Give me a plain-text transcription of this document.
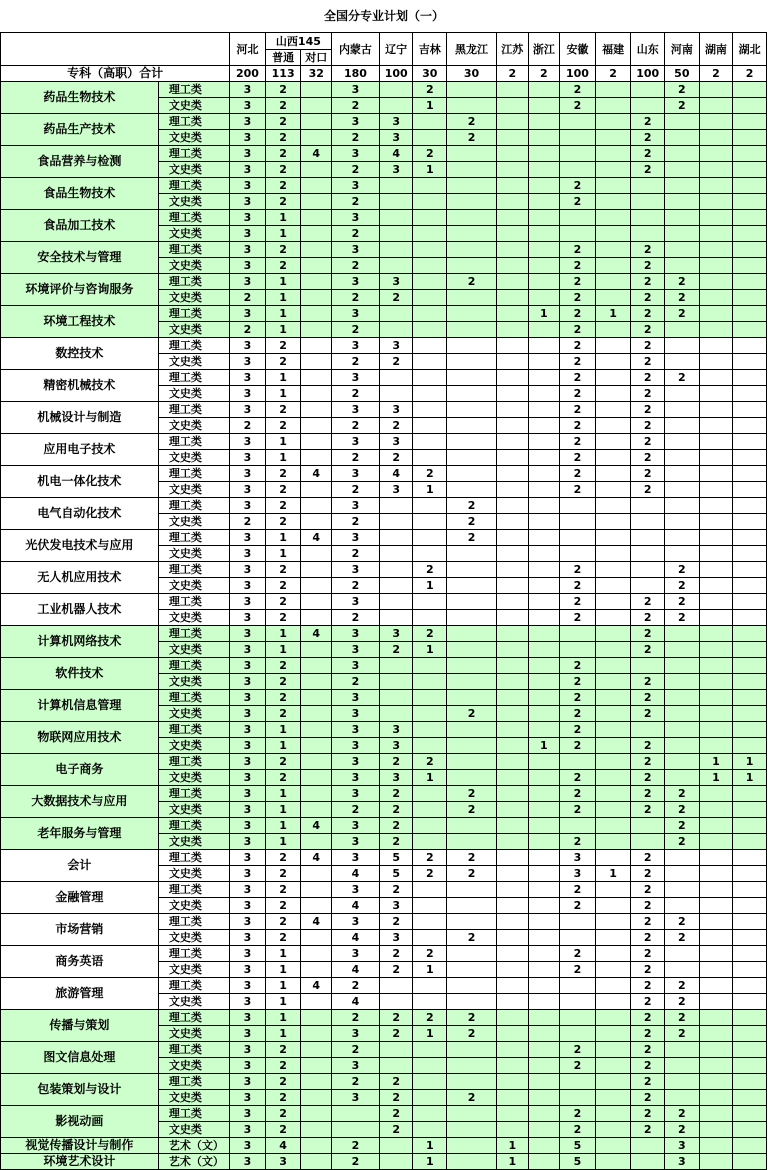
全国分专业计划（一）
		河北	山西145		内蒙古	辽宁	吉林	黑龙江	江苏	浙江	安徽	福建	山东	河南	湖南	湖北
			普通	对口												
专科（高职）合计		200	113	32	180	100	30	30	2	2	100	2	100	50	2	2
药品生物技术	理工类	3	2		3		2				2			2		
	文史类	3	2		2		1				2			2		
药品生产技术	理工类	3	2		3	3		2					2			
	文史类	3	2		2	3		2					2			
食品营养与检测	理工类	3	2	4	3	4	2						2			
	文史类	3	2		2	3	1						2			
食品生物技术	理工类	3	2		3						2					
	文史类	3	2		2						2					
食品加工技术	理工类	3	1		3											
	文史类	3	1		2											
安全技术与管理	理工类	3	2		3						2		2			
	文史类	3	2		2						2		2			
环境评价与咨询服务	理工类	3	1		3	3		2			2		2	2		
	文史类	2	1		2	2					2		2	2		
环境工程技术	理工类	3	1		3					1	2	1	2	2		
	文史类	2	1		2						2		2			
数控技术	理工类	3	2		3	3					2		2			
	文史类	3	2		2	2					2		2			
精密机械技术	理工类	3	1		3						2		2	2		
	文史类	3	1		2						2		2			
机械设计与制造	理工类	3	2		3	3					2		2			
	文史类	2	2		2	2					2		2			
应用电子技术	理工类	3	1		3	3					2		2			
	文史类	3	1		2	2					2		2			
机电一体化技术	理工类	3	2	4	3	4	2				2		2			
	文史类	3	2		2	3	1				2		2			
电气自动化技术	理工类	3	2		3			2								
	文史类	2	2		2			2								
光伏发电技术与应用	理工类	3	1	4	3			2								
	文史类	3	1		2											
无人机应用技术	理工类	3	2		3		2				2			2		
	文史类	3	2		2		1				2			2		
工业机器人技术	理工类	3	2		3						2		2	2		
	文史类	3	2		2						2		2	2		
计算机网络技术	理工类	3	1	4	3	3	2						2			
	文史类	3	1		3	2	1						2			
软件技术	理工类	3	2		3						2					
	文史类	3	2		2						2		2			
计算机信息管理	理工类	3	2		3						2		2			
	文史类	3	2		3			2			2		2			
物联网应用技术	理工类	3	1		3	3					2					
	文史类	3	1		3	3				1	2		2			
电子商务	理工类	3	2		3	2	2						2		1	1
	文史类	3	2		3	3	1				2		2		1	1
大数据技术与应用	理工类	3	1		3	2		2			2		2	2		
	文史类	3	1		2	2		2			2		2	2		
老年服务与管理	理工类	3	1	4	3	2								2		
	文史类	3	1		3	2					2			2		
会计	理工类	3	2	4	3	5	2	2			3		2			
	文史类	3	2		4	5	2	2			3	1	2			
金融管理	理工类	3	2		3	2					2		2			
	文史类	3	2		4	3					2		2			
市场营销	理工类	3	2	4	3	2							2	2		
	文史类	3	2		4	3		2					2	2		
商务英语	理工类	3	1		3	2	2				2		2			
	文史类	3	1		4	2	1				2		2			
旅游管理	理工类	3	1	4	2								2	2		
	文史类	3	1		4								2	2		
传播与策划	理工类	3	1		2	2	2	2					2	2		
	文史类	3	1		3	2	1	2					2	2		
图文信息处理	理工类	3	2		2						2		2			
	文史类	3	2		3						2		2			
包装策划与设计	理工类	3	2		2	2							2			
	文史类	3	2		3	2		2					2			
影视动画	理工类	3	2			2					2		2	2		
	文史类	3	2			2					2		2	2		
视觉传播设计与制作	艺术（文）	3	4		2		1		1		5			3		
环境艺术设计	艺术（文）	3	3		2		1		1		5			3		
